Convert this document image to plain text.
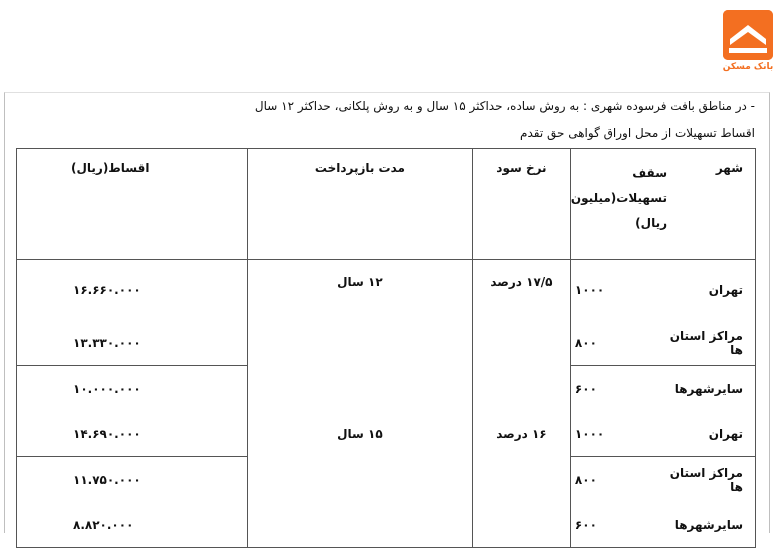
بانک مسکن
- در مناطق بافت فرسوده شهری : به روش ساده، حداکثر ۱۵ سال و به روش پلکانی، حداکثر ۱۲ سال
اقساط تسهیلات از محل اوراق گواهی حق تقدم
شهر	سقف تسهیلات(میلیون ریال)	نرخ سود	مدت بازپرداخت	اقساط(ریال)
تهران	۱۰۰۰	۱۷/۵ درصد	۱۲ سال	۱۶.۶۶۰.۰۰۰
مراکز استان ها	۸۰۰			۱۳.۳۳۰.۰۰۰
سایرشهرها	۶۰۰			۱۰.۰۰۰.۰۰۰
تهران	۱۰۰۰	۱۶ درصد	۱۵ سال	۱۴.۶۹۰.۰۰۰
مراکز استان ها	۸۰۰			۱۱.۷۵۰.۰۰۰
سایرشهرها	۶۰۰			۸.۸۲۰.۰۰۰
